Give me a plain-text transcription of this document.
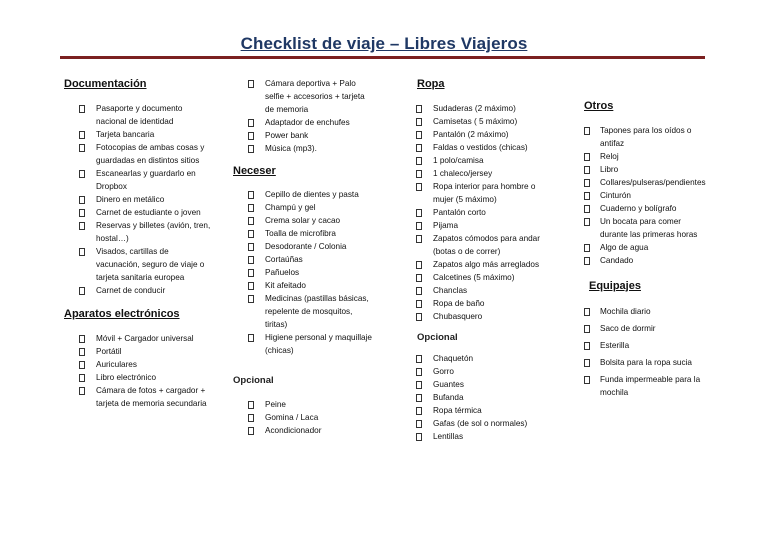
Checklist de viaje – Libres Viajeros
Documentación
Pasaporte y documento nacional de identidad
Tarjeta bancaria
Fotocopias de ambas cosas y guardadas en distintos sitios
Escanearlas y guardarlo en Dropbox
Dinero en metálico
Carnet de estudiante o joven
Reservas y billetes (avión, tren, hostal…)
Visados, cartillas de vacunación, seguro de viaje o tarjeta sanitaria europea
Carnet de conducir
Aparatos electrónicos
Móvil + Cargador universal
Portátil
Auriculares
Libro electrónico
Cámara de fotos + cargador + tarjeta de memoria secundaria
Cámara deportiva + Palo selfie + accesorios + tarjeta de memoria
Adaptador de enchufes
Power bank
Música (mp3).
Neceser
Cepillo de dientes y pasta
Champú y gel
Crema solar y cacao
Toalla de microfibra
Desodorante / Colonia
Cortaúñas
Pañuelos
Kit afeitado
Medicinas (pastillas básicas, repelente de mosquitos, tiritas)
Higiene personal y maquillaje (chicas)
Opcional
Peine
Gomina / Laca
Acondicionador
Ropa
Sudaderas (2 máximo)
Camisetas ( 5 máximo)
Pantalón (2 máximo)
Faldas o vestidos (chicas)
1 polo/camisa
1 chaleco/jersey
Ropa interior para hombre o mujer (5 máximo)
Pantalón corto
Pijama
Zapatos cómodos para andar (botas o de correr)
Zapatos algo más arreglados
Calcetines (5 máximo)
Chanclas
Ropa de baño
Chubasquero
Opcional
Chaquetón
Gorro
Guantes
Bufanda
Ropa térmica
Gafas (de sol o normales)
Lentillas
Otros
Tapones para los oídos o antifaz
Reloj
Libro
Collares/pulseras/pendientes
Cinturón
Cuaderno y bolígrafo
Un bocata para comer durante las primeras horas
Algo de agua
Candado
Equipajes
Mochila diario
Saco de dormir
Esterilla
Bolsita para la ropa sucia
Funda impermeable para la mochila
